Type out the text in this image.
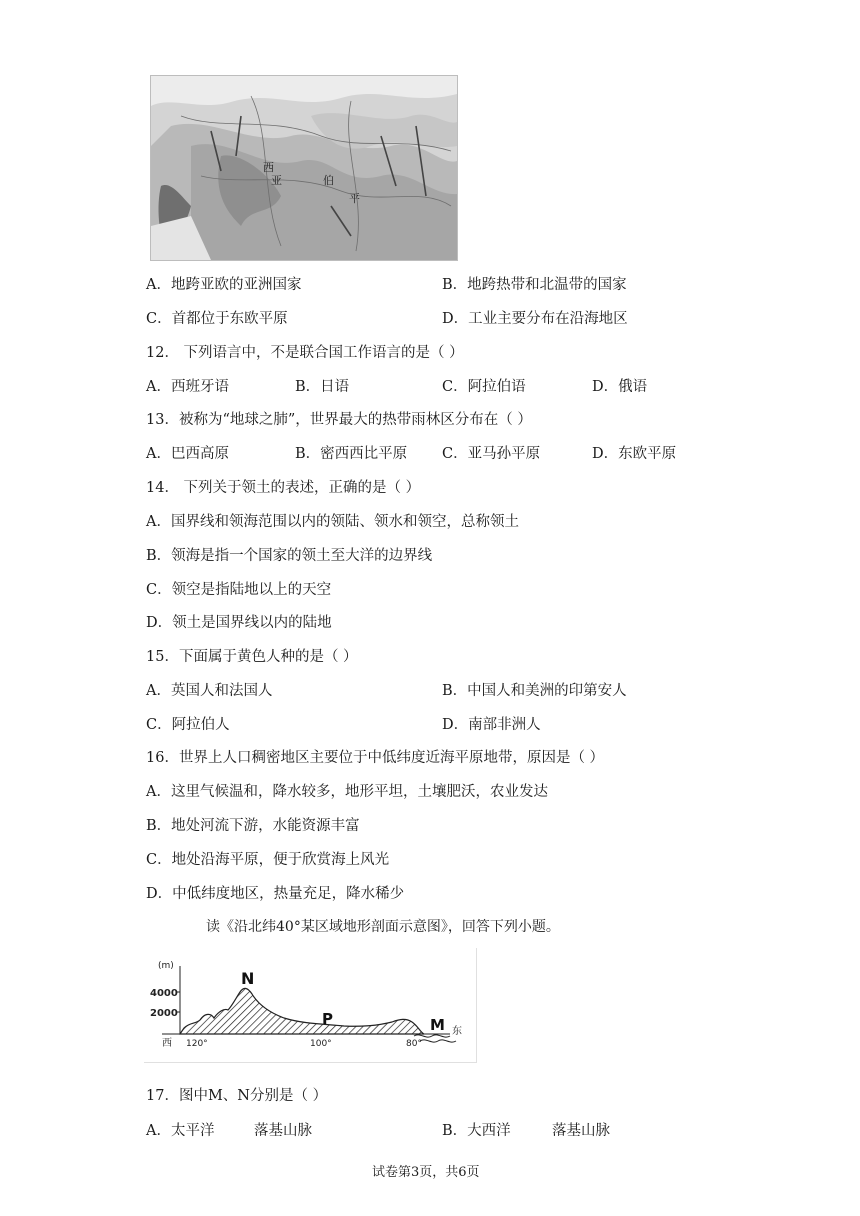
亚
西
伯
平
A．地跨亚欧的亚洲国家	B．地跨热带和北温带的国家
C．首都位于东欧平原	D．工业主要分布在沿海地区
12． 下列语言中，不是联合国工作语言的是（ ）
A．西班牙语	B．日语	C．阿拉伯语	D．俄语
13．被称为“地球之肺”，世界最大的热带雨林区分布在（ ）
A．巴西高原	B．密西西比平原 C．亚马孙平原	D．东欧平原
14． 下列关于领土的表述，正确的是（ ）
A．国界线和领海范围以内的领陆、领水和领空，总称领土
B．领海是指一个国家的领土至大洋的边界线
C．领空是指陆地以上的天空
D．领土是国界线以内的陆地
15．下面属于黄色人种的是（ ）
A．英国人和法国人	B．中国人和美洲的印第安人
C．阿拉伯人	D．南部非洲人
16．世界上人口稠密地区主要位于中低纬度近海平原地带，原因是（ ）
A．这里气候温和，降水较多，地形平坦，土壤肥沃，农业发达
B．地处河流下游，水能资源丰富
C．地处沿海平原，便于欣赏海上风光
D．中低纬度地区，热量充足，降水稀少
读《沿北纬40°某区域地形剖面示意图》，回答下列小题。
(m)
4000
2000
N
P	M
西
东
120°	100°	80°
17．图中M、N分别是（ ）
A．太平洋	落基山脉	B．大西洋	落基山脉
试卷第3页，共6页
